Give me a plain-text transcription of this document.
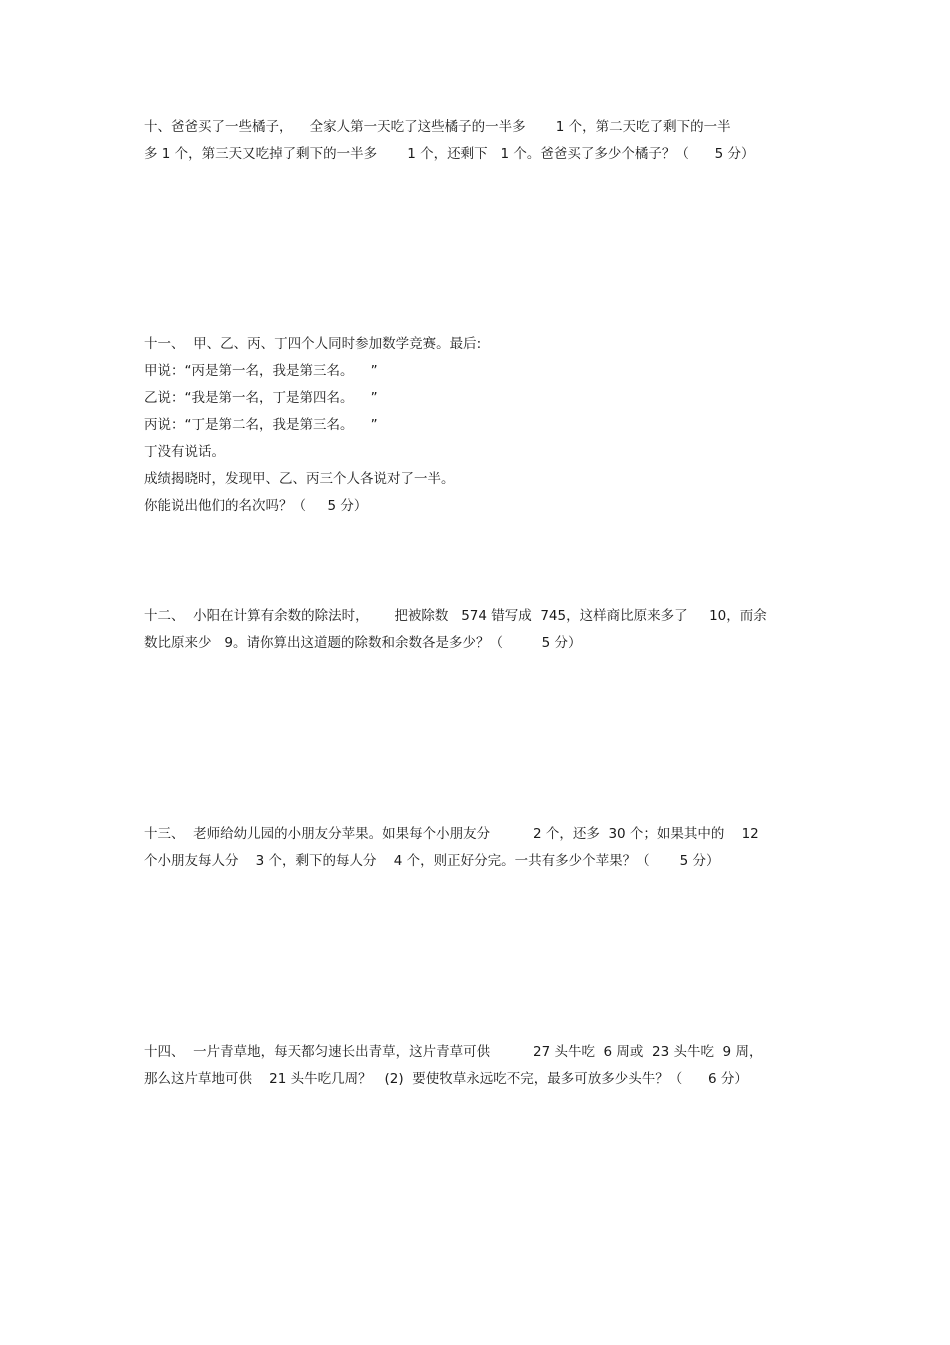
十、爸爸买了一些橘子，    全家人第一天吃了这些橘子的一半多       1 个，第二天吃了剩下的一半
多 1 个，第三天又吃掉了剩下的一半多       1 个，还剩下   1 个。爸爸买了多少个橘子？（      5 分）
十一、  甲、乙、丙、丁四个人同时参加数学竞赛。最后:
甲说：“丙是第一名，我是第三名。    ”
乙说：“我是第一名，丁是第四名。    ”
丙说：“丁是第二名，我是第三名。    ”
丁没有说话。
成绩揭晓时，发现甲、乙、丙三个人各说对了一半。
你能说出他们的名次吗？（     5 分）
十二、  小阳在计算有余数的除法时，      把被除数   574 错写成  745，这样商比原来多了     10，而余
数比原来少   9。请你算出这道题的除数和余数各是多少？（         5 分）
十三、  老师给幼儿园的小朋友分苹果。如果每个小朋友分          2 个，还多  30 个；如果其中的    12
个小朋友每人分    3 个，剩下的每人分    4 个，则正好分完。一共有多少个苹果？（       5 分）
十四、  一片青草地，每天都匀速长出青草，这片青草可供          27 头牛吃  6 周或  23 头牛吃  9 周，
那么这片草地可供    21 头牛吃几周？   (2)  要使牧草永远吃不完，最多可放多少头牛？（      6 分）
